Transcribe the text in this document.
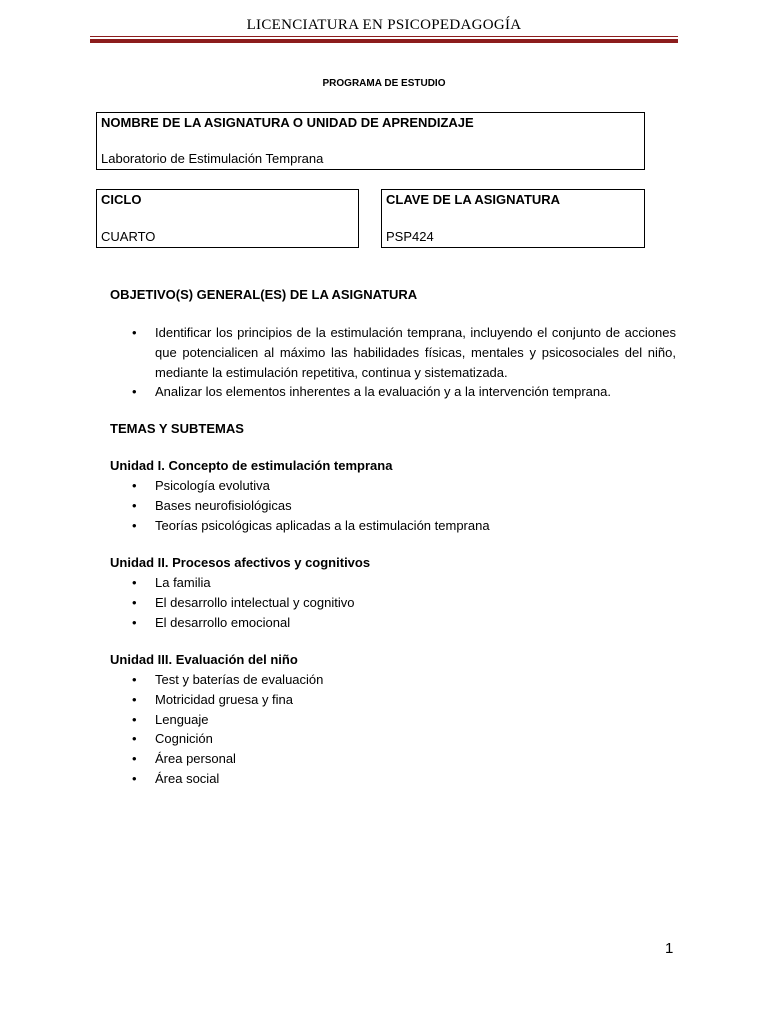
LICENCIATURA EN PSICOPEDAGOGÍA
PROGRAMA DE ESTUDIO
NOMBRE DE LA ASIGNATURA O UNIDAD DE APRENDIZAJE
Laboratorio de Estimulación Temprana
CICLO
CUARTO
CLAVE DE LA ASIGNATURA
PSP424
OBJETIVO(S) GENERAL(ES) DE LA ASIGNATURA
• Identificar los principios de la estimulación temprana, incluyendo el conjunto de acciones que potencialicen al máximo las habilidades físicas, mentales y psicosociales del niño, mediante la estimulación repetitiva, continua y sistematizada.
• Analizar los elementos inherentes a la evaluación y a la intervención temprana.
TEMAS Y SUBTEMAS
Unidad I. Concepto de estimulación temprana
• Psicología evolutiva
• Bases neurofisiológicas
• Teorías psicológicas aplicadas a la estimulación temprana
Unidad II. Procesos afectivos y cognitivos
• La familia
• El desarrollo intelectual y cognitivo
• El desarrollo emocional
Unidad III. Evaluación del niño
• Test y baterías de evaluación
• Motricidad gruesa y fina
• Lenguaje
• Cognición
• Área personal
• Área social
1
